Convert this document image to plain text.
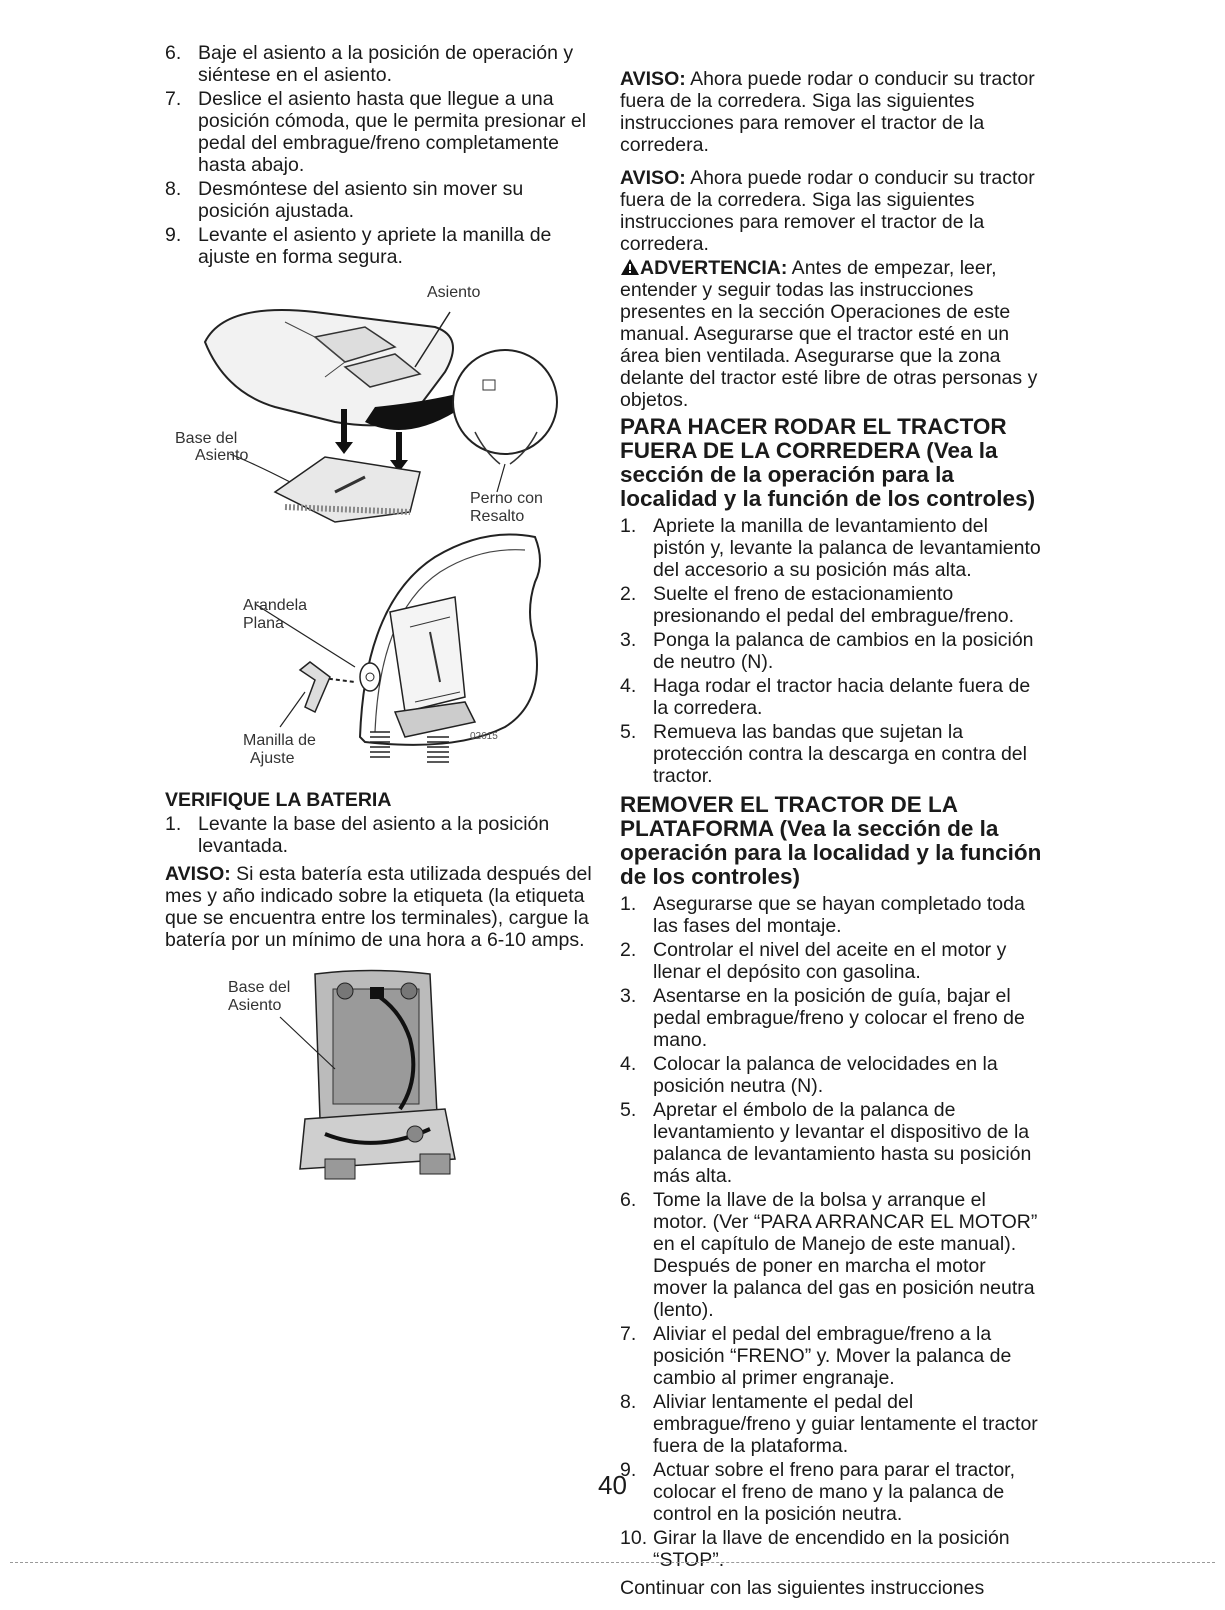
6. Baje el asiento a la posición de operación y siéntese en el asiento.
7. Deslice el asiento hasta que llegue a una posición cómoda, que le permita presionar el pedal del embrague/freno completamente hasta abajo.
8. Desmóntese del asiento sin mover su posición ajustada.
9. Levante el asiento y apriete la manilla de ajuste en forma segura.
Asiento
Base del
Asiento
Perno con
Resalto
Arandela
Plana
Manilla de
Ajuste
02615
VERIFIQUE LA BATERIA
1. Levante la base del asiento a la posición levantada.

AVISO: Si esta batería esta utilizada después del mes y año indicado sobre la etiqueta (la etiqueta que se encuentra entre los terminales), cargue la batería por un mínimo de una hora a 6-10 amps.

Base del
Asiento

AVISO: Ahora puede rodar o conducir su tractor fuera de la corredera. Siga las siguientes instrucciones para remover el tractor de la corredera.

AVISO: Ahora puede rodar o conducir su tractor fuera de la corredera. Siga las siguientes instrucciones para remover el tractor de la corredera.

ADVERTENCIA: Antes de empezar, leer, entender y seguir todas las instrucciones presentes en la sección Operaciones de este manual. Asegurarse que el tractor esté en un área bien ventilada. Asegurarse que la zona delante del tractor esté libre de otras personas y objetos.

PARA HACER RODAR EL TRACTOR FUERA DE LA CORREDERA (Vea la sección de la operación para la localidad y la función de los controles)
1. Apriete la manilla de levantamiento del pistón y, levante la palanca de levantamiento del accesorio a su posición más alta.
2. Suelte el freno de estacionamiento presionando el pedal del embrague/freno.
3. Ponga la palanca de cambios en la posición de neutro (N).
4. Haga rodar el tractor hacia delante fuera de la corredera.
5. Remueva las bandas que sujetan la protección contra la descarga en contra del tractor.
REMOVER EL TRACTOR DE LA PLATAFORMA (Vea la sección de la operación para la localidad y la función de los controles)
1. Asegurarse que se hayan completado toda las fases del montaje.
2. Controlar el nivel del aceite en el motor y llenar el depósito con gasolina.
3. Asentarse en la posición de guía, bajar el pedal embrague/freno y colocar el freno de mano.
4. Colocar la palanca de velocidades en la posición neutra (N).
5. Apretar el émbolo de la palanca de levantamiento y levantar el dispositivo de la palanca de levantamiento hasta su posición más alta.
6. Tome la llave de la bolsa y arranque el motor. (Ver “PARA ARRANCAR EL MOTOR” en el capítulo de Manejo de este manual). Después de poner en marcha el motor mover la palanca del gas en posición neutra (lento).
7. Aliviar el pedal del embrague/freno a la posición “FRENO” y. Mover la palanca de cambio al primer engranaje.
8. Aliviar lentamente el pedal del embrague/freno y guiar lentamente el tractor fuera de la plataforma.
9. Actuar sobre el freno para parar el tractor, colocar el freno de mano y la palanca de control en la posición neutra.
10. Girar la llave de encendido en la posición “STOP”.

Continuar con las siguientes instrucciones

40
